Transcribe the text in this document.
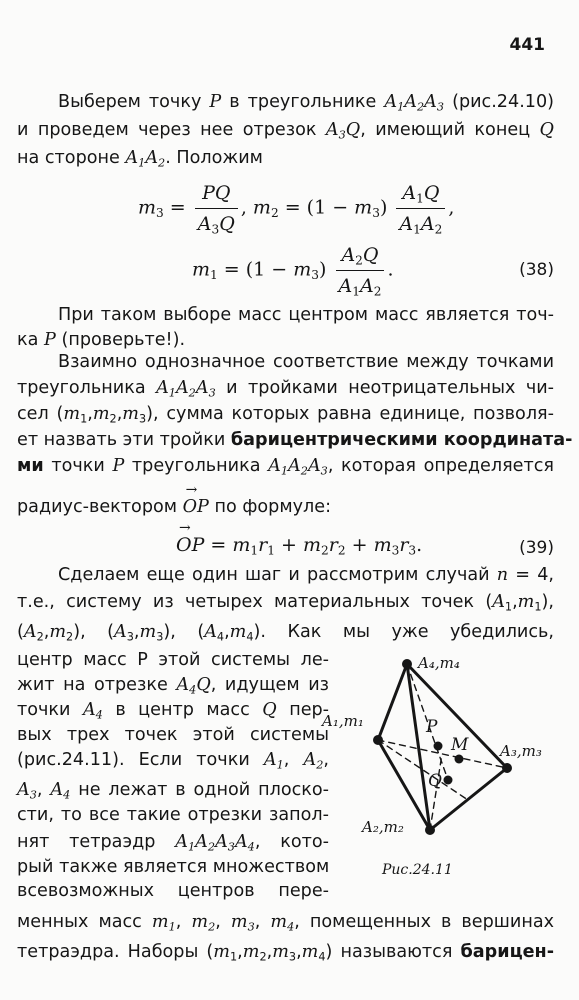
441
Выберем точку P в треугольнике $A_1A_2A_3$ (рис.24.10)
и проведем через нее отрезок $A_3Q$, имеющий конец Q
на стороне $A_1A_2$. Положим
$m_3 = \frac{PQ}{A_3Q}$ , $m_2 = (1 - m_3) \frac{A_1Q}{A_1A_2}$ ,
$m_1 = (1 - m_3) \frac{A_2Q}{A_1A_2}$ .	(38)
При таком выборе масс центром масс является точ-
ка P (проверьте!).
Взаимно однозначное соответствие между точками
треугольника $A_1A_2A_3$ и тройками неотрицательных чи-
сел $(m_1,m_2,m_3)$, сумма которых равна единице, позволя-
ет назвать эти тройки барицентрическими координата-
ми точки P треугольника $A_1A_2A_3$, которая определяется
радиус-вектором → OP по формуле:
→ OP = $m_1r_1 + m_2r_2 + m_3r_3$.	(39)
Сделаем еще один шаг и рассмотрим случай n = 4,
т.е., систему из четырех материальных точек $(A_1,m_1)$,
$(A_2,m_2)$, $(A_3,m_3)$, $(A_4,m_4)$. Как мы уже убедились,
центр масс P этой системы ле-
жит на отрезке $A_4Q$, идущем из
точки $A_4$ в центр масс Q пер-
вых трех точек этой системы
(рис.24.11). Если точки $A_1$, $A_2$,
$A_3$, $A_4$ не лежат в одной плоско-
сти, то все такие отрезки запол-
нят тетраэдр $A_1A_2A_3A_4$, кото-
рый также является множеством
всевозможных центров пере-
менных масс $m_1$, $m_2$, $m_3$, $m_4$, помещенных в вершинах
тетраэдра. Наборы $(m_1,m_2,m_3,m_4)$ называются барицен-
A₄,m₄
A₁,m₁
A₃,m₃
A₂,m₂
P
M
Q
Рис.24.11
